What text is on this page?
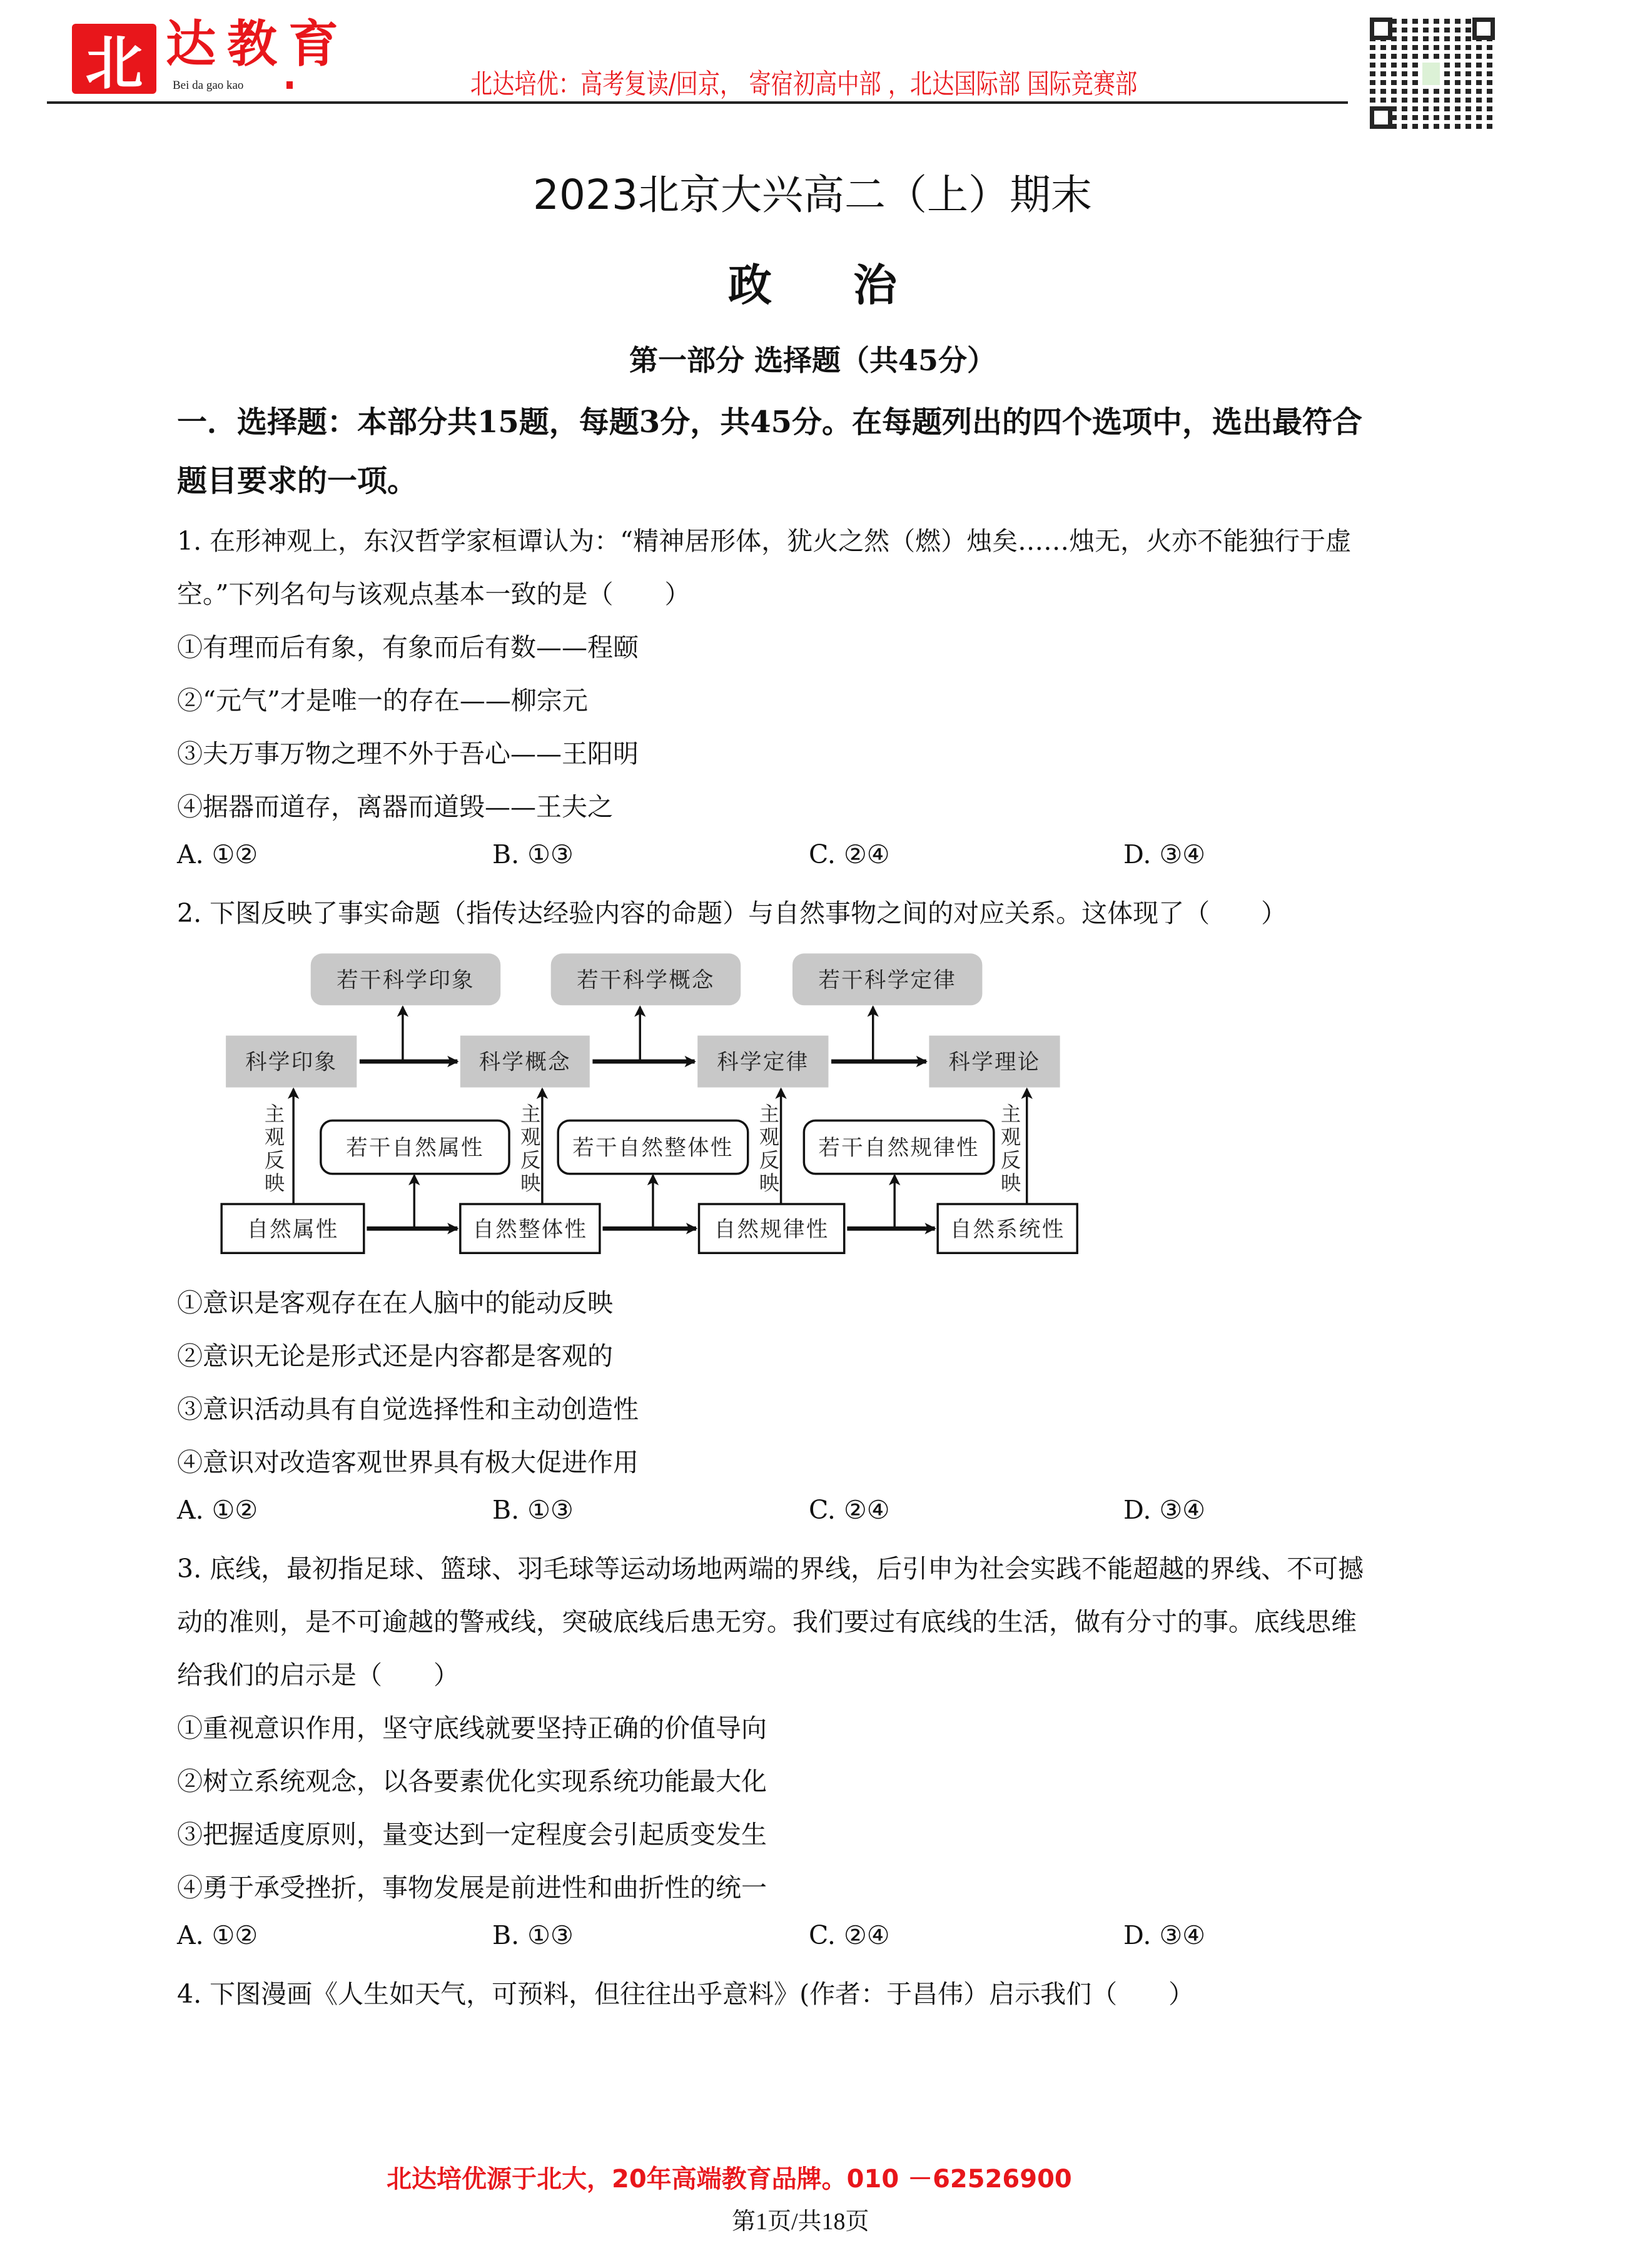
北 达教育
Bei da gao kao	北达培优：高考复读/回京， 寄宿初高中部 ，北达国际部 国际竞赛部
2023北京大兴高二（上）期末
政治
第一部分 选择题（共45分）
一．选择题：本部分共15题，每题3分，共45分。在每题列出的四个选项中，选出最符合
题目要求的一项。
1. 在形神观上，东汉哲学家桓谭认为：“精神居形体，犹火之然（燃）烛矣……烛无，火亦不能独行于虚
空。”下列名句与该观点基本一致的是（　　）
①有理而后有象，有象而后有数——程颐
②“元气”才是唯一的存在——柳宗元
③夫万事万物之理不外于吾心——王阳明
④据器而道存，离器而道毁——王夫之
A. ①②	B. ①③	C. ②④	D. ③④
2. 下图反映了事实命题（指传达经验内容的命题）与自然事物之间的对应关系。这体现了（　　）
若干科学印象	若干科学概念	若干科学定律
科学印象	科学概念	科学定律	科学理论
若干自然属性	若干自然整体性	若干自然规律性
自然属性	自然整体性	自然规律性	自然系统性
主观反映	主观反映	主观反映	主观反映
①意识是客观存在在人脑中的能动反映
②意识无论是形式还是内容都是客观的
③意识活动具有自觉选择性和主动创造性
④意识对改造客观世界具有极大促进作用
A. ①②	B. ①③	C. ②④	D. ③④
3. 底线，最初指足球、篮球、羽毛球等运动场地两端的界线，后引申为社会实践不能超越的界线、不可撼
动的准则，是不可逾越的警戒线，突破底线后患无穷。我们要过有底线的生活，做有分寸的事。底线思维
给我们的启示是（　　）
①重视意识作用，坚守底线就要坚持正确的价值导向
②树立系统观念，以各要素优化实现系统功能最大化
③把握适度原则，量变达到一定程度会引起质变发生
④勇于承受挫折，事物发展是前进性和曲折性的统一
A. ①②	B. ①③	C. ②④	D. ③④
4. 下图漫画《人生如天气，可预料，但往往出乎意料》(作者：于昌伟）启示我们（　　）
北达培优源于北大，20年高端教育品牌。010 －62526900
第1页/共18页
